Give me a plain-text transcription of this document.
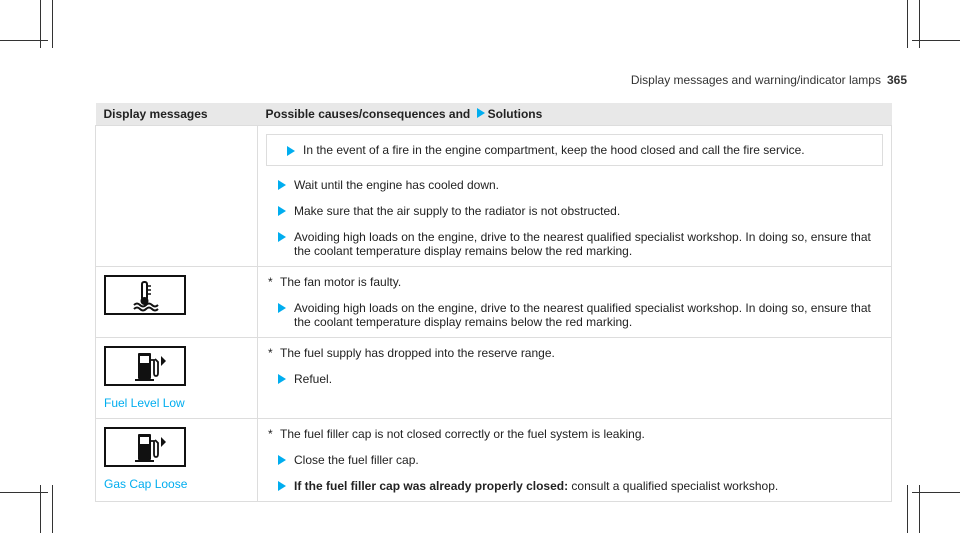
Display messages and warning/indicator lamps 365
Display messages	Possible causes/consequences and Solutions

In the event of a fire in the engine compartment, keep the hood closed and call the fire service.
Wait until the engine has cooled down.
Make sure that the air supply to the radiator is not obstructed.
Avoiding high loads on the engine, drive to the nearest qualified specialist workshop. In doing so, ensure that the coolant temperature display remains below the red marking.

* The fan motor is faulty.
Avoiding high loads on the engine, drive to the nearest qualified specialist workshop. In doing so, ensure that the coolant temperature display remains below the red marking.

Fuel Level Low	* The fuel supply has dropped into the reserve range.
Refuel.

Gas Cap Loose	* The fuel filler cap is not closed correctly or the fuel system is leaking.
Close the fuel filler cap.
If the fuel filler cap was already properly closed: consult a qualified specialist workshop.
